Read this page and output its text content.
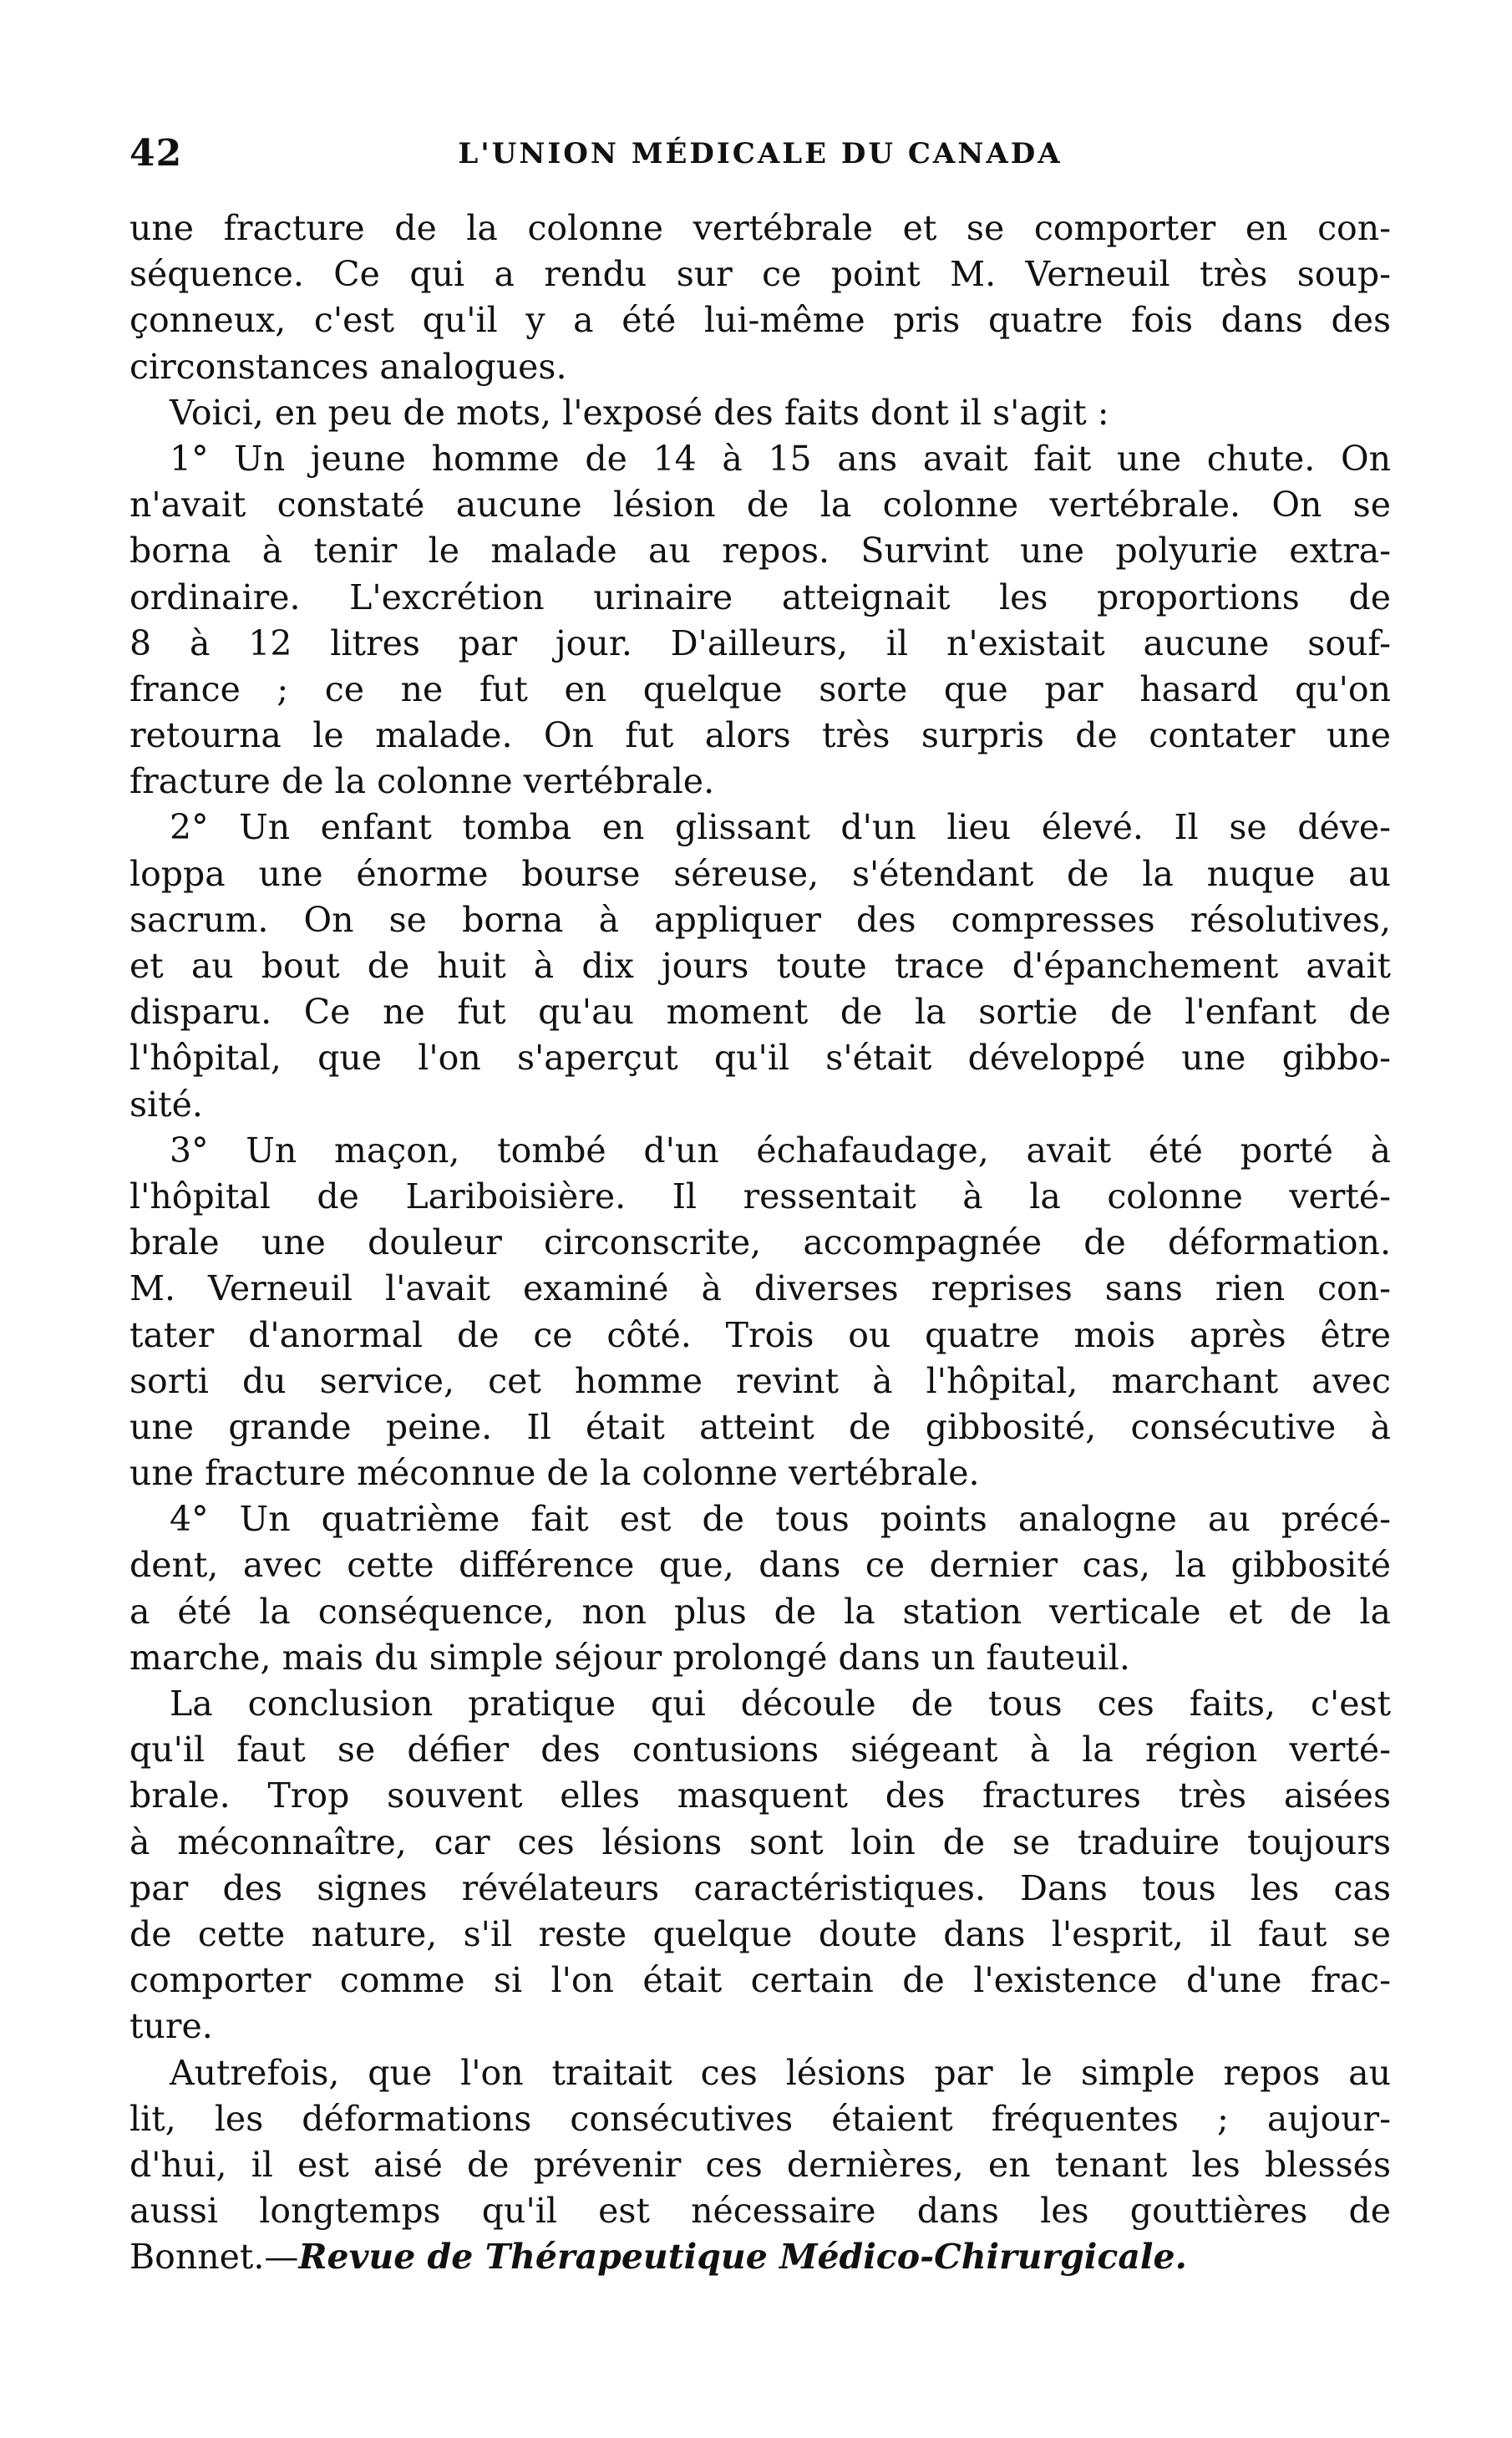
42	L'UNION MÉDICALE DU CANADA
une fracture de la colonne vertébrale et se comporter en con-
séquence. Ce qui a rendu sur ce point M. Verneuil très soup-
çonneux, c'est qu'il y a été lui-même pris quatre fois dans des
circonstances analogues.
Voici, en peu de mots, l'exposé des faits dont il s'agit :
1° Un jeune homme de 14 à 15 ans avait fait une chute. On
n'avait constaté aucune lésion de la colonne vertébrale. On se
borna à tenir le malade au repos. Survint une polyurie extra-
ordinaire. L'excrétion urinaire atteignait les proportions de
8 à 12 litres par jour. D'ailleurs, il n'existait aucune souf-
france ; ce ne fut en quelque sorte que par hasard qu'on
retourna le malade. On fut alors très surpris de contater une
fracture de la colonne vertébrale.
2° Un enfant tomba en glissant d'un lieu élevé. Il se déve-
loppa une énorme bourse séreuse, s'étendant de la nuque au
sacrum. On se borna à appliquer des compresses résolutives,
et au bout de huit à dix jours toute trace d'épanchement avait
disparu. Ce ne fut qu'au moment de la sortie de l'enfant de
l'hôpital, que l'on s'aperçut qu'il s'était développé une gibbo-
sité.
3° Un maçon, tombé d'un échafaudage, avait été porté à
l'hôpital de Lariboisière. Il ressentait à la colonne verté-
brale une douleur circonscrite, accompagnée de déformation.
M. Verneuil l'avait examiné à diverses reprises sans rien con-
tater d'anormal de ce côté. Trois ou quatre mois après être
sorti du service, cet homme revint à l'hôpital, marchant avec
une grande peine. Il était atteint de gibbosité, consécutive à
une fracture méconnue de la colonne vertébrale.
4° Un quatrième fait est de tous points analogne au précé-
dent, avec cette différence que, dans ce dernier cas, la gibbosité
a été la conséquence, non plus de la station verticale et de la
marche, mais du simple séjour prolongé dans un fauteuil.
La conclusion pratique qui découle de tous ces faits, c'est
qu'il faut se défier des contusions siégeant à la région verté-
brale. Trop souvent elles masquent des fractures très aisées
à méconnaître, car ces lésions sont loin de se traduire toujours
par des signes révélateurs caractéristiques. Dans tous les cas
de cette nature, s'il reste quelque doute dans l'esprit, il faut se
comporter comme si l'on était certain de l'existence d'une frac-
ture.
Autrefois, que l'on traitait ces lésions par le simple repos au
lit, les déformations consécutives étaient fréquentes ; aujour-
d'hui, il est aisé de prévenir ces dernières, en tenant les blessés
aussi longtemps qu'il est nécessaire dans les gouttières de
Bonnet.—Revue de Thérapeutique Médico-Chirurgicale.
